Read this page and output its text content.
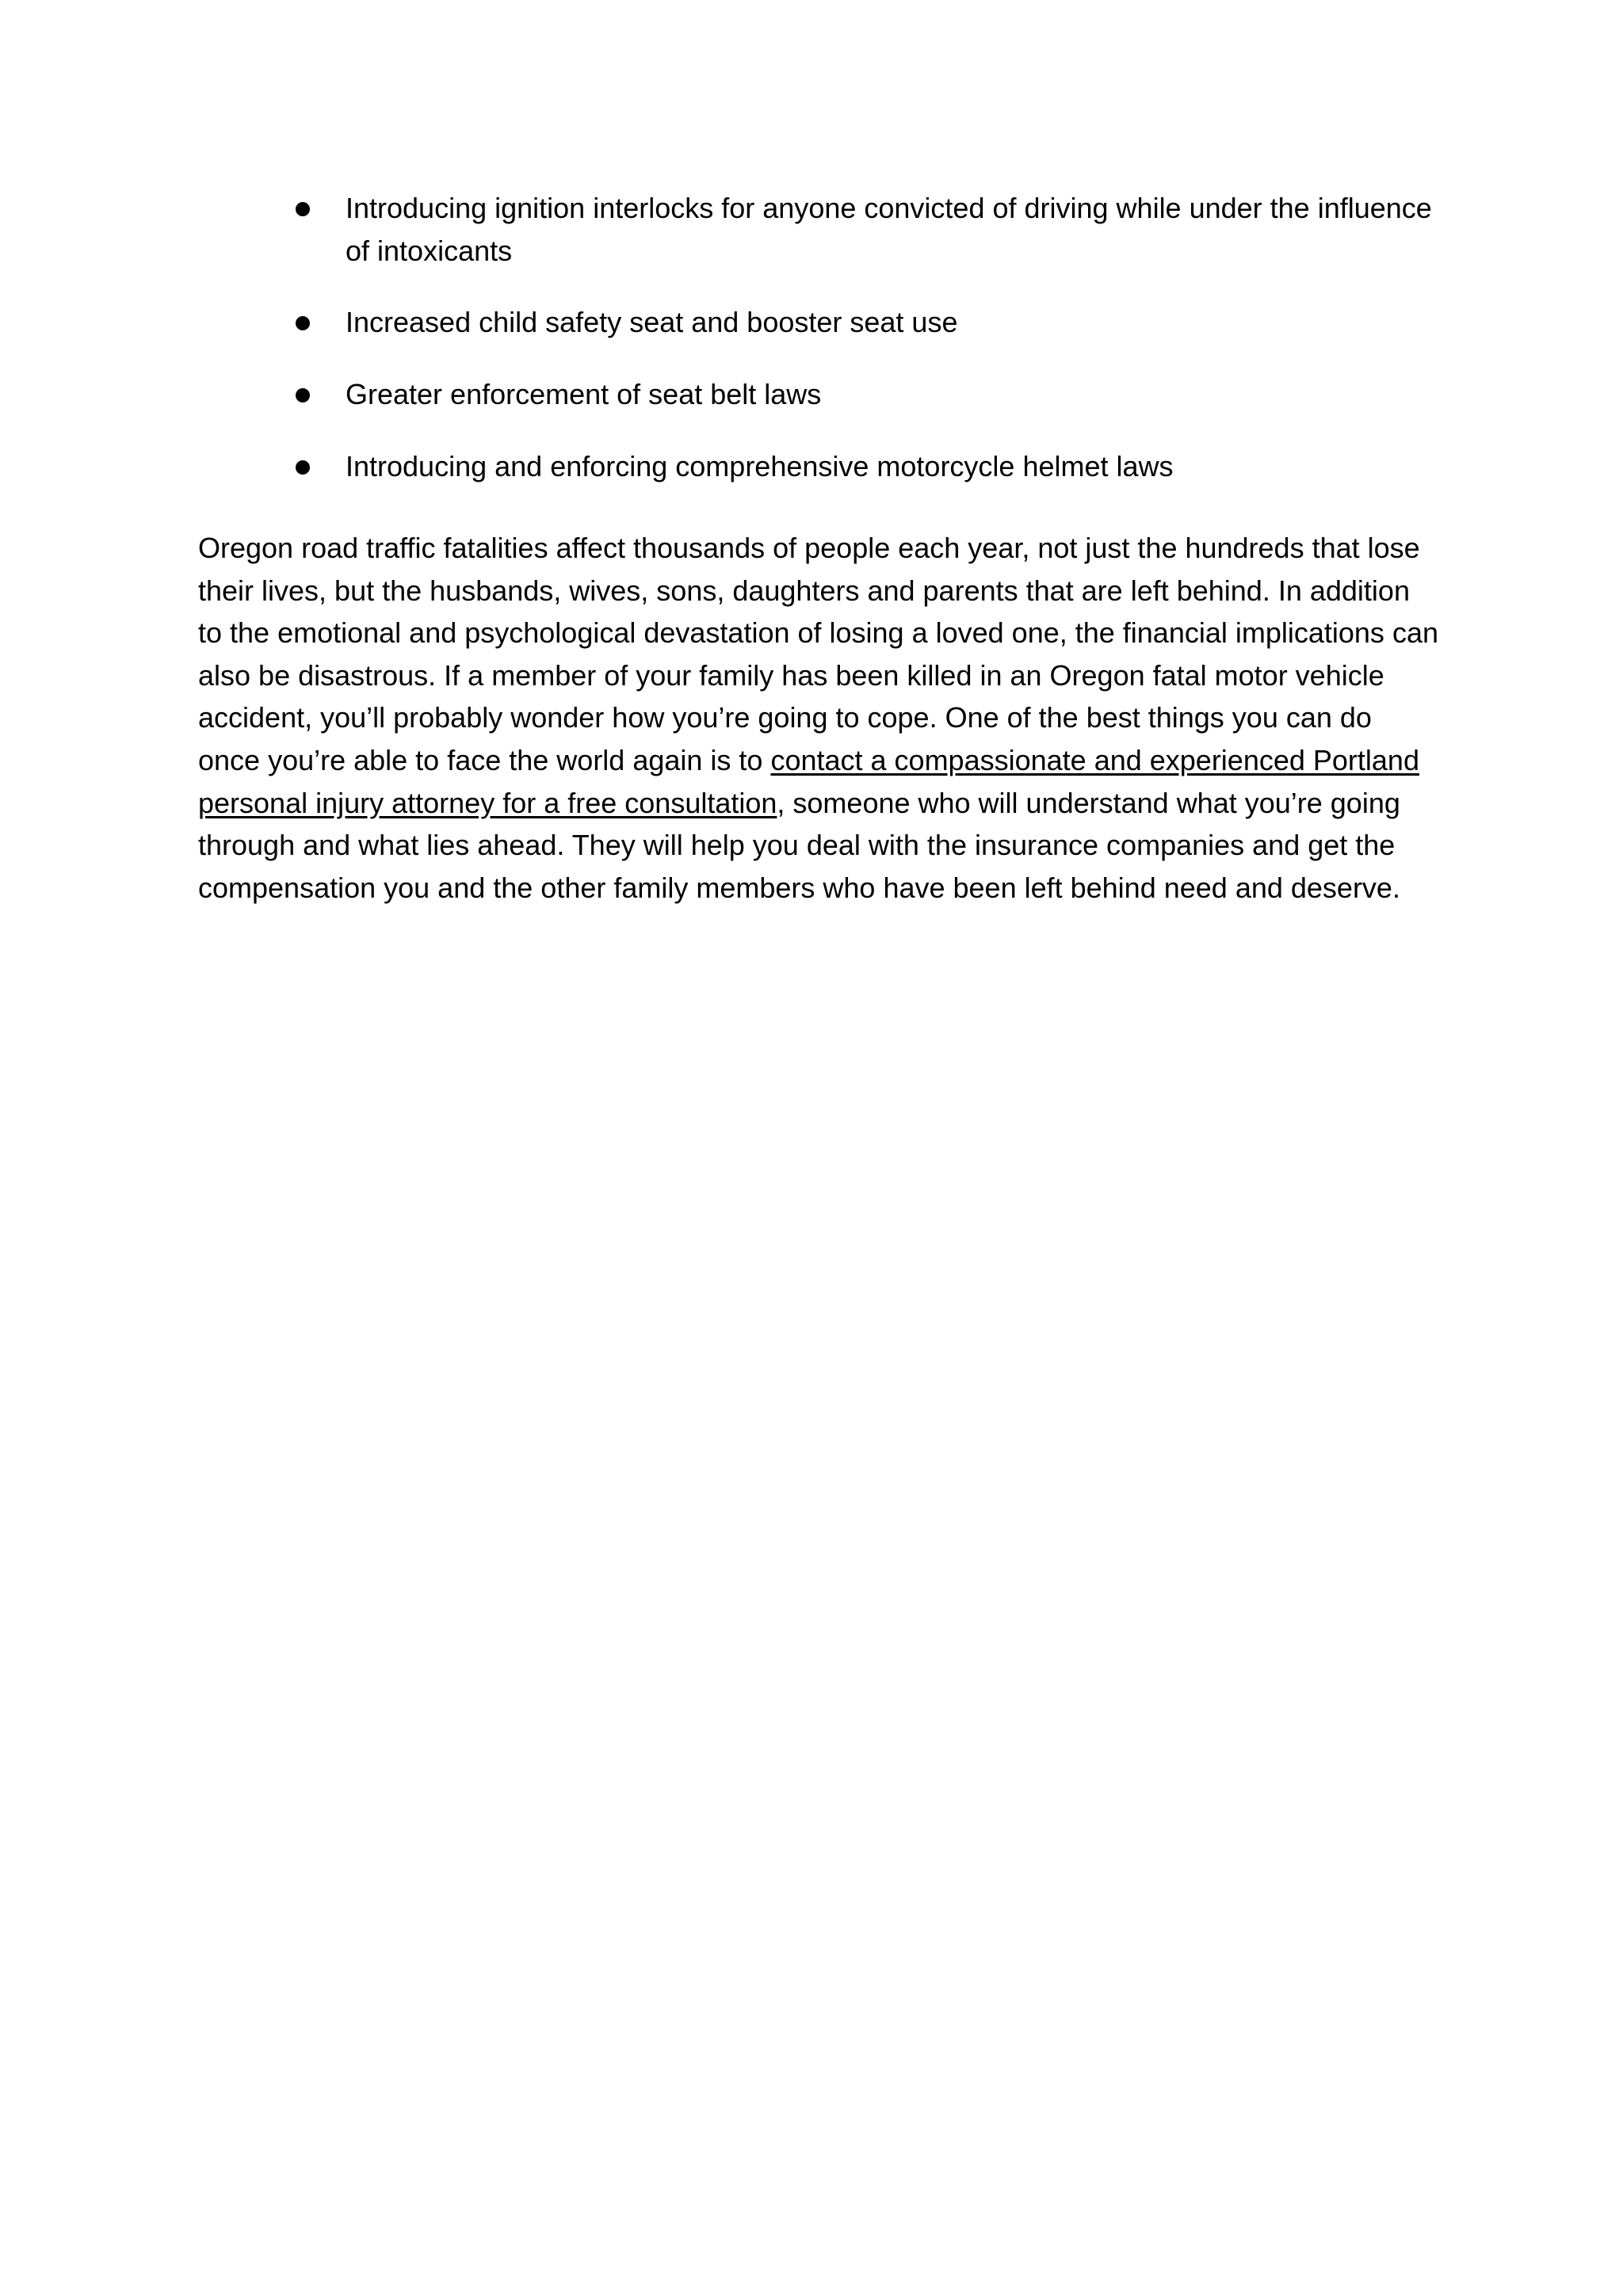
Introducing ignition interlocks for anyone convicted of driving while under the influence of intoxicants
Increased child safety seat and booster seat use
Greater enforcement of seat belt laws
Introducing and enforcing comprehensive motorcycle helmet laws

Oregon road traffic fatalities affect thousands of people each year, not just the hundreds that lose their lives, but the husbands, wives, sons, daughters and parents that are left behind. In addition to the emotional and psychological devastation of losing a loved one, the financial implications can also be disastrous. If a member of your family has been killed in an Oregon fatal motor vehicle accident, you’ll probably wonder how you’re going to cope. One of the best things you can do once you’re able to face the world again is to contact a compassionate and experienced Portland personal injury attorney for a free consultation, someone who will understand what you’re going through and what lies ahead. They will help you deal with the insurance companies and get the compensation you and the other family members who have been left behind need and deserve.
